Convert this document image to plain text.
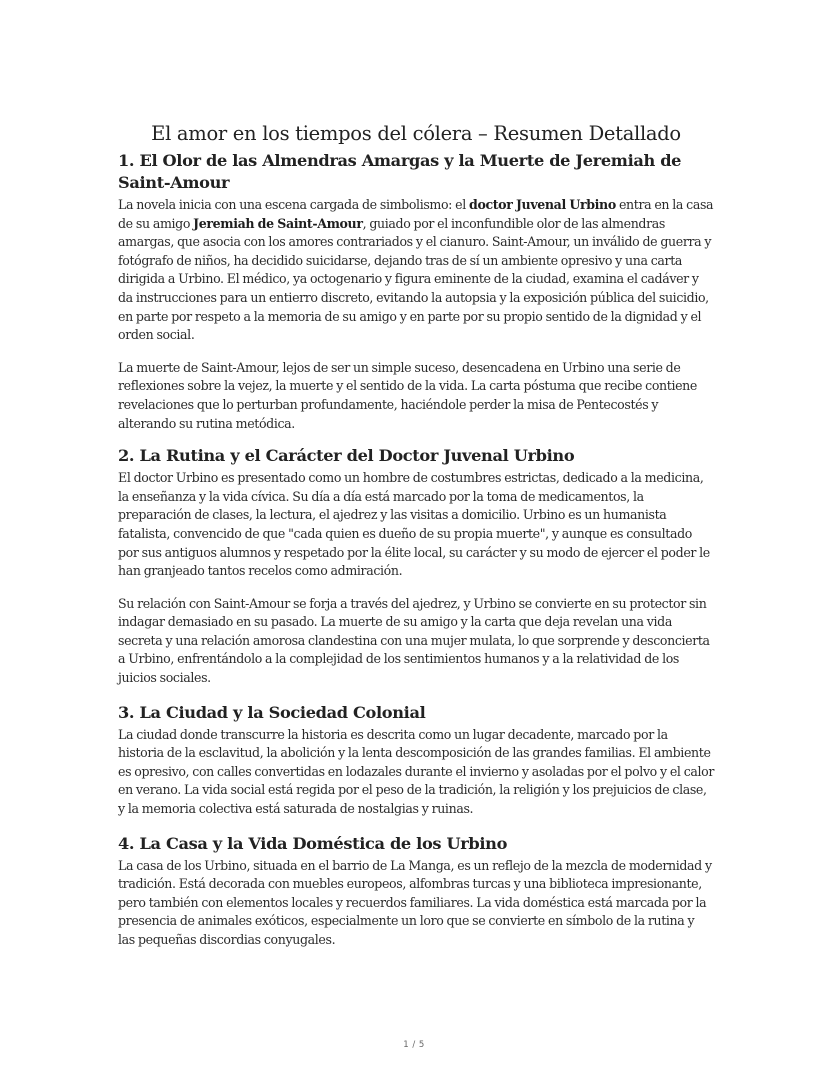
El amor en los tiempos del cólera – Resumen Detallado
1. El Olor de las Almendras Amargas y la Muerte de Jeremiah de Saint-Amour

La novela inicia con una escena cargada de simbolismo: el doctor Juvenal Urbino entra en la casa de su amigo Jeremiah de Saint-Amour, guiado por el inconfundible olor de las almendras amargas, que asocia con los amores contrariados y el cianuro. Saint-Amour, un inválido de guerra y fotógrafo de niños, ha decidido suicidarse, dejando tras de sí un ambiente opresivo y una carta dirigida a Urbino. El médico, ya octogenario y figura eminente de la ciudad, examina el cadáver y da instrucciones para un entierro discreto, evitando la autopsia y la exposición pública del suicidio, en parte por respeto a la memoria de su amigo y en parte por su propio sentido de la dignidad y el orden social.

La muerte de Saint-Amour, lejos de ser un simple suceso, desencadena en Urbino una serie de reflexiones sobre la vejez, la muerte y el sentido de la vida. La carta póstuma que recibe contiene revelaciones que lo perturban profundamente, haciéndole perder la misa de Pentecostés y alterando su rutina metódica.

2. La Rutina y el Carácter del Doctor Juvenal Urbino

El doctor Urbino es presentado como un hombre de costumbres estrictas, dedicado a la medicina, la enseñanza y la vida cívica. Su día a día está marcado por la toma de medicamentos, la preparación de clases, la lectura, el ajedrez y las visitas a domicilio. Urbino es un humanista fatalista, convencido de que "cada quien es dueño de su propia muerte", y aunque es consultado por sus antiguos alumnos y respetado por la élite local, su carácter y su modo de ejercer el poder le han granjeado tantos recelos como admiración.

Su relación con Saint-Amour se forja a través del ajedrez, y Urbino se convierte en su protector sin indagar demasiado en su pasado. La muerte de su amigo y la carta que deja revelan una vida secreta y una relación amorosa clandestina con una mujer mulata, lo que sorprende y desconcierta a Urbino, enfrentándolo a la complejidad de los sentimientos humanos y a la relatividad de los juicios sociales.

3. La Ciudad y la Sociedad Colonial

La ciudad donde transcurre la historia es descrita como un lugar decadente, marcado por la historia de la esclavitud, la abolición y la lenta descomposición de las grandes familias. El ambiente es opresivo, con calles convertidas en lodazales durante el invierno y asoladas por el polvo y el calor en verano. La vida social está regida por el peso de la tradición, la religión y los prejuicios de clase, y la memoria colectiva está saturada de nostalgias y ruinas.

4. La Casa y la Vida Doméstica de los Urbino

La casa de los Urbino, situada en el barrio de La Manga, es un reflejo de la mezcla de modernidad y tradición. Está decorada con muebles europeos, alfombras turcas y una biblioteca impresionante, pero también con elementos locales y recuerdos familiares. La vida doméstica está marcada por la presencia de animales exóticos, especialmente un loro que se convierte en símbolo de la rutina y las pequeñas discordias conyugales.

1 / 5
